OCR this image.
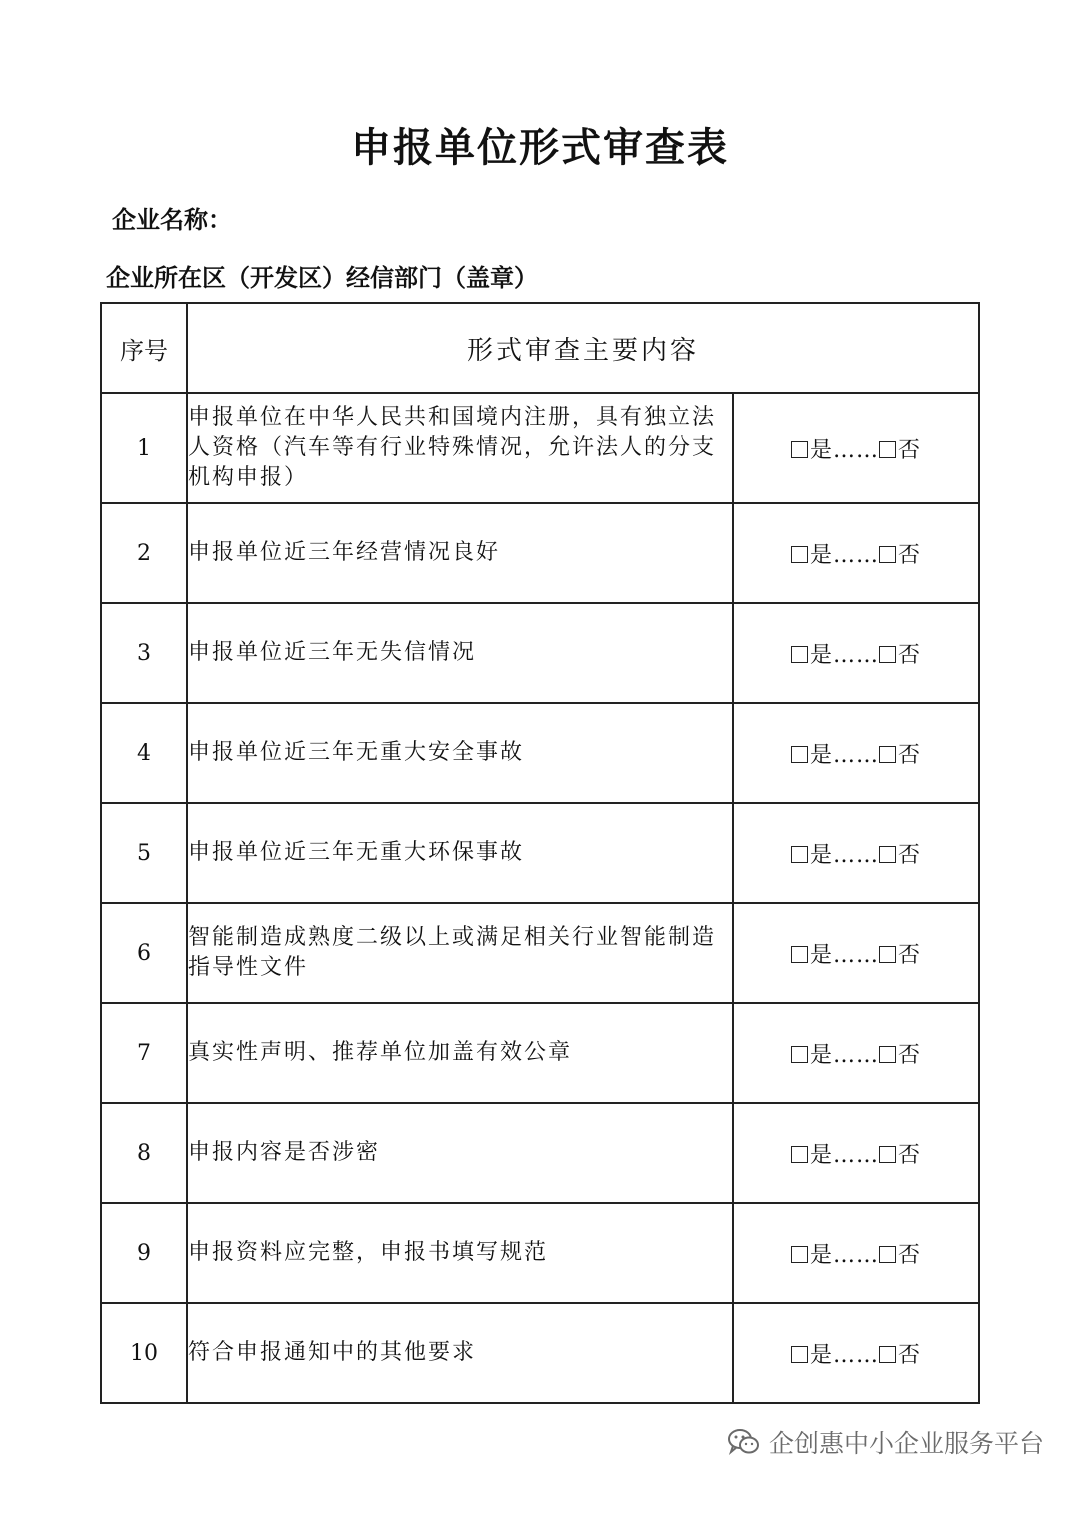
申报单位形式审查表
企业名称：
企业所在区（开发区）经信部门（盖章）
序号	形式审查主要内容	
1	申报单位在中华人民共和国境内注册，具有独立法人资格（汽车等有行业特殊情况，允许法人的分支机构申报）	是…… 否
2	申报单位近三年经营情况良好	是…… 否
3	申报单位近三年无失信情况	是…… 否
4	申报单位近三年无重大安全事故	是…… 否
5	申报单位近三年无重大环保事故	是…… 否
6	智能制造成熟度二级以上或满足相关行业智能制造指导性文件	是…… 否
7	真实性声明、推荐单位加盖有效公章	是…… 否
8	申报内容是否涉密	是…… 否
9	申报资料应完整，申报书填写规范	是…… 否
10	符合申报通知中的其他要求	是…… 否
企创惠中小企业服务平台
